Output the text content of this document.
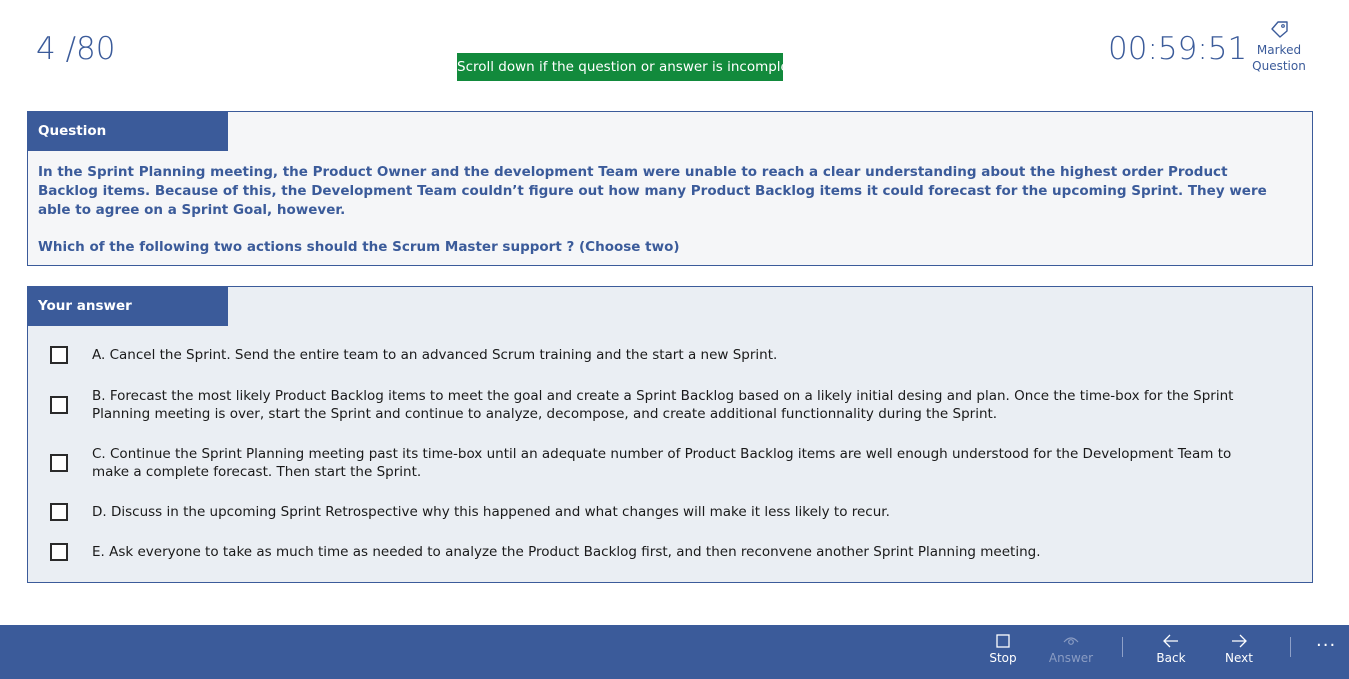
4 /80	Scroll down if the question or answer is incomplete	00:59:51 Marked
Question
Question

In the Sprint Planning meeting, the Product Owner and the development Team were unable to reach a clear understanding about the highest order Product Backlog items. Because of this, the Development Team couldn’t figure out how many Product Backlog items it could forecast for the upcoming Sprint. They were able to agree on a Sprint Goal, however.

Which of the following two actions should the Scrum Master support ? (Choose two)

Your answer
A. Cancel the Sprint. Send the entire team to an advanced Scrum training and the start a new Sprint.
B. Forecast the most likely Product Backlog items to meet the goal and create a Sprint Backlog based on a likely initial desing and plan. Once the time-box for the Sprint Planning meeting is over, start the Sprint and continue to analyze, decompose, and create additional functionnality during the Sprint.
C. Continue the Sprint Planning meeting past its time-box until an adequate number of Product Backlog items are well enough understood for the Development Team to make a complete forecast. Then start the Sprint.
D. Discuss in the upcoming Sprint Retrospective why this happened and what changes will make it less likely to recur.
E. Ask everyone to take as much time as needed to analyze the Product Backlog first, and then reconvene another Sprint Planning meeting.
Stop	Answer	Back	Next
···
